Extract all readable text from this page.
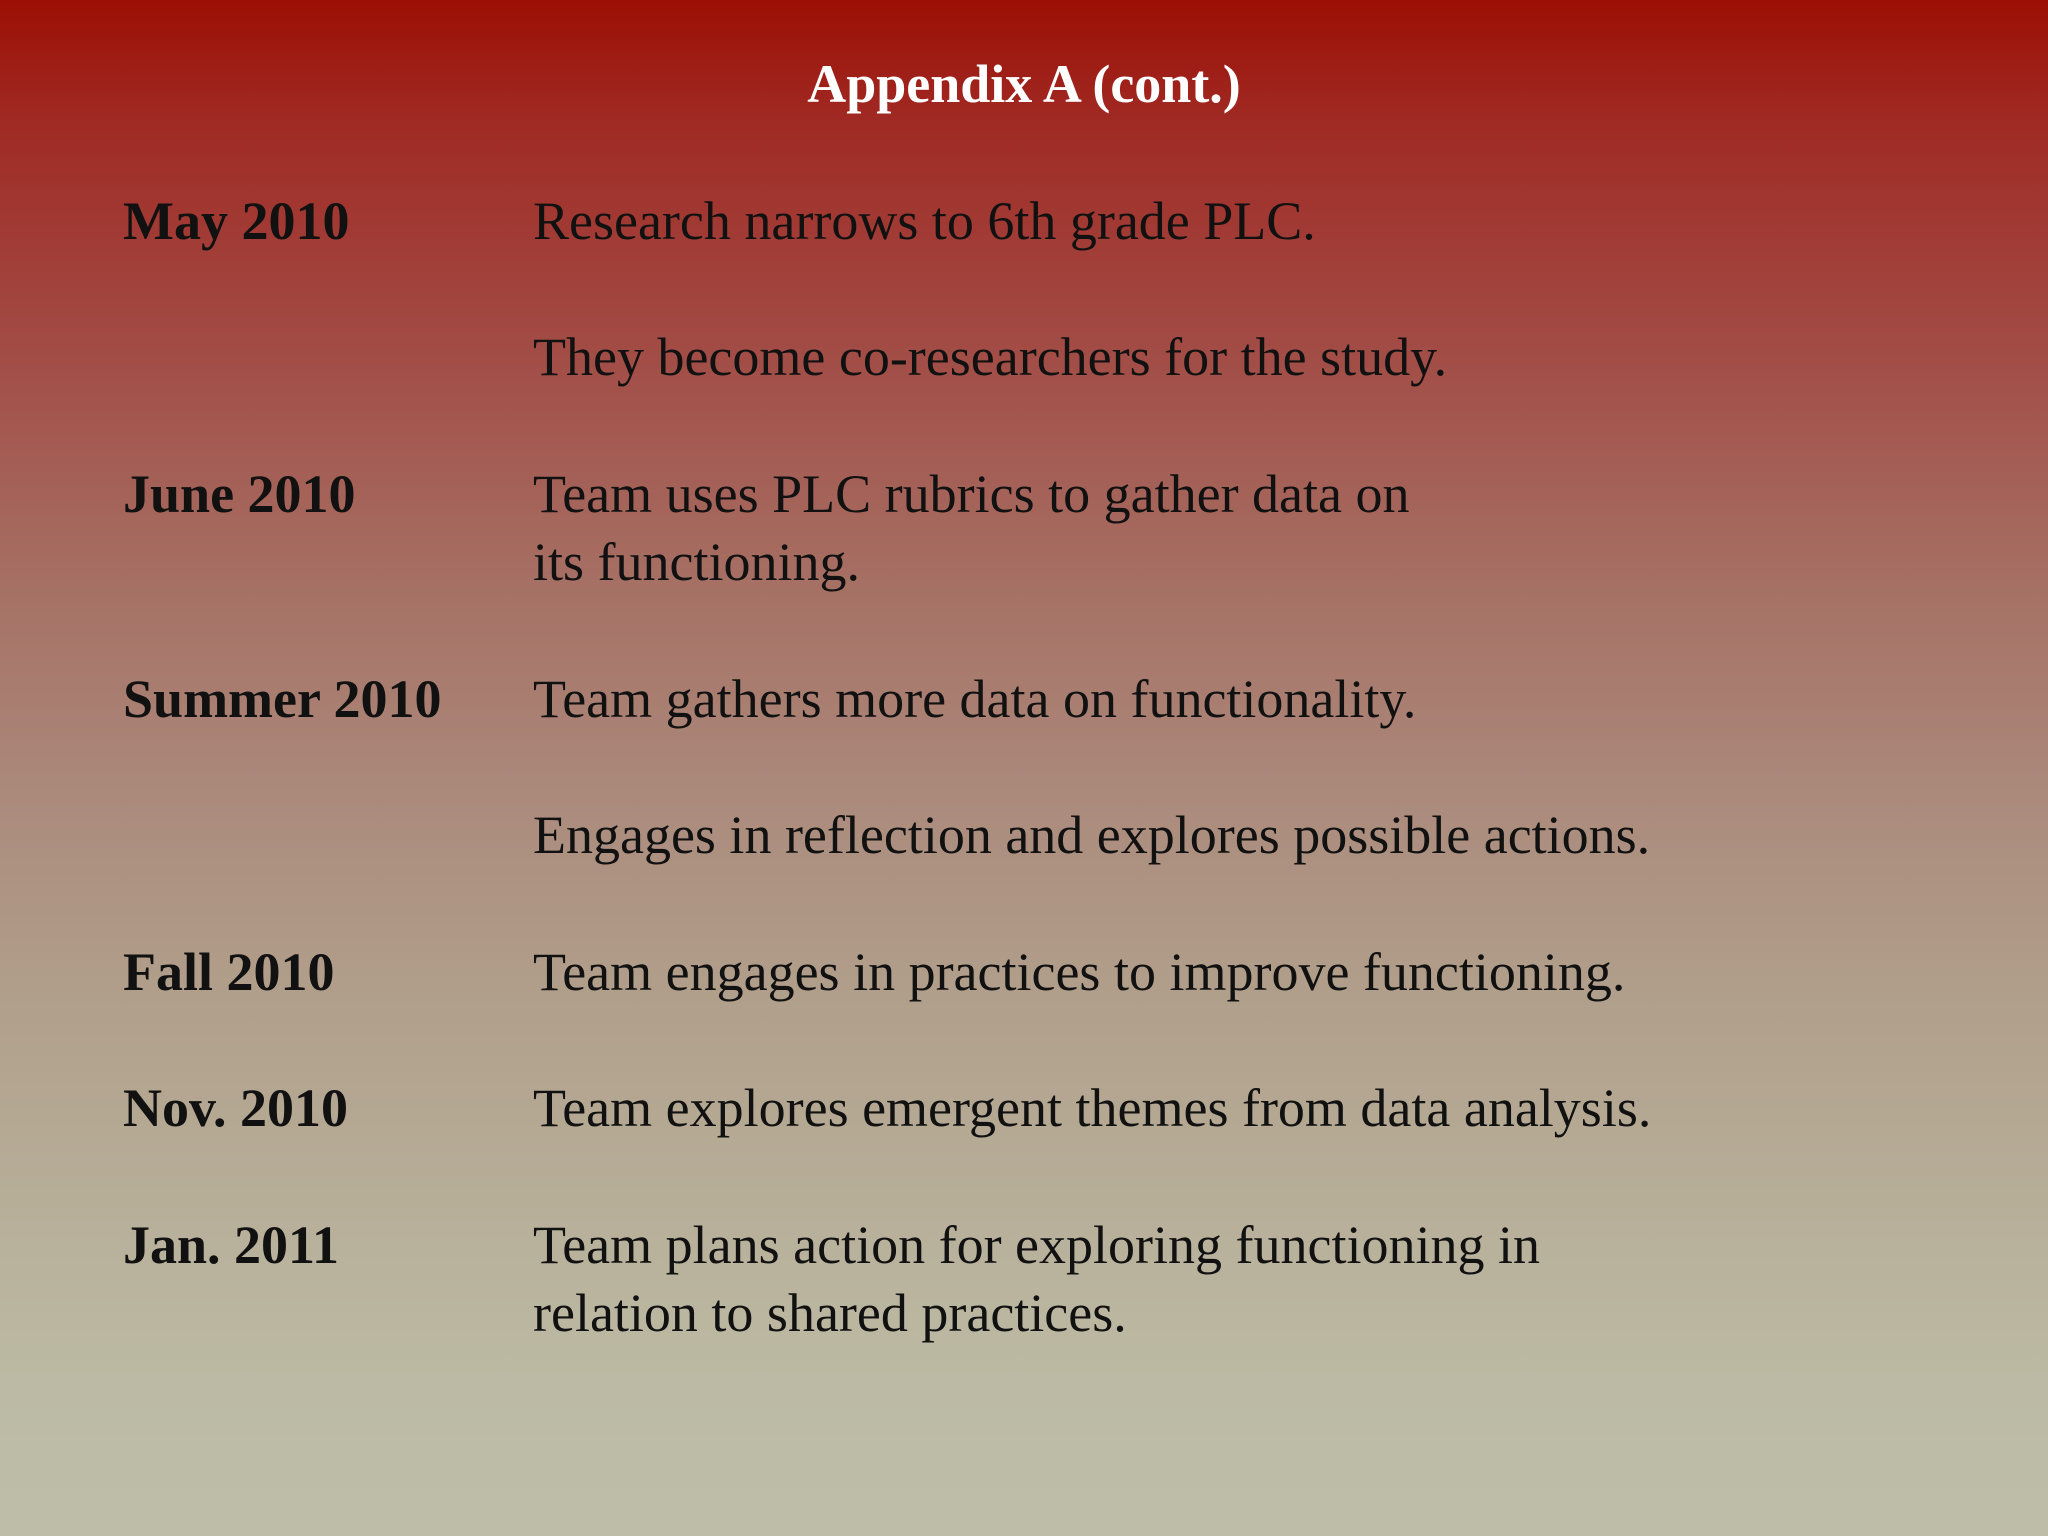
Appendix A (cont.)
May 2010	Research narrows to 6th grade PLC.
They become co-researchers for the study.
June 2010	Team uses PLC rubrics to gather data on
its functioning.
Summer 2010 Team gathers more data on functionality.
Engages in reflection and explores possible actions.
Fall 2010	Team engages in practices to improve functioning.
Nov. 2010	Team explores emergent themes from data analysis.
Jan. 2011	Team plans action for exploring functioning in
relation to shared practices.
